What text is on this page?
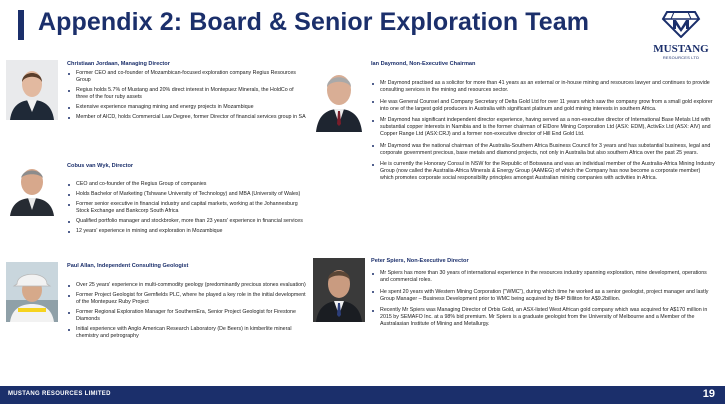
Appendix 2: Board & Senior Exploration Team
MUSTANG
RESOURCES LTD
Christiaan Jordaan, Managing Director
Former CEO and co-founder of Mozambican-focused exploration company Regius Resources Group
Regius holds 5.7% of Mustang and 20% direct interest in Montepuez Minerals, the HoldCo of three of the four ruby assets
Extensive experience managing mining and energy projects in Mozambique
Member of AICD, holds Commercial Law Degree, former Director of financial services group in SA
Cobus van Wyk, Director
CEO and co-founder of the Regius Group of companies
Holds Bachelor of Marketing (Tshwane University of Technology) and MBA (University of Wales)
Former senior executive in financial industry and capital markets, working at the Johannesburg Stock Exchange and Bankcorp South Africa
Qualified portfolio manager and stockbroker, more than 23 years' experience in financial services
12 years' experience in mining and exploration in Mozambique
Paul Allan, Independent Consulting Geologist
Over 25 years' experience in multi-commodity geology (predominantly precious stones evaluation)
Former Project Geologist for Gemfields PLC, where he played a key role in the initial development of the Montepuez Ruby Project
Former Regional Exploration Manager for SouthernEra, Senior Project Geologist for Firestone Diamonds
Initial experience with Anglo American Research Laboratory (De Beers) in kimberlite mineral chemistry and petrography
Ian Daymond, Non-Executive Chairman
Mr Daymond practised as a solicitor for more than 41 years as an external or in-house mining and resources lawyer and continues to provide consulting services in the mining and resources sector.
He was General Counsel and Company Secretary of Delta Gold Ltd for over 11 years which saw the company grow from a small gold explorer into one of the largest gold producers in Australia with significant platinum and gold mining interests in southern Africa.
Mr Daymond has significant independent director experience, having served as a non-executive director of International Base Metals Ltd with substantial copper interests in Namibia and is the former chairman of ElDore Mining Corporation Ltd (ASX: EDM), ActivEx Ltd (ASX: AIV) and Copper Range Ltd (ASX:CRJ) and a former non-executive director of Hill End Gold Ltd.
Mr Daymond was the national chairman of the Australia-Southern Africa Business Council for 3 years and has substantial business, legal and corporate government precious, base metals and diamond projects, not only in Australia but also southern Africa over the past 25 years.
He is currently the Honorary Consul in NSW for the Republic of Botswana and was an individual member of the Australia-Africa Mining Industry Group (now called the Australia-Africa Minerals & Energy Group (AAMEG) of which the Company has now become a corporate member) which promotes corporate social responsibility principles amongst Australian mining companies with activities in Africa.
Peter Spiers, Non-Executive Director
Mr Spiers has more than 30 years of international experience in the resources industry spanning exploration, mine development, operations and commercial roles.
He spent 20 years with Western Mining Corporation ("WMC"), during which time he worked as a senior geologist, project manager and lastly Group Manager – Business Development prior to WMC being acquired by BHP Billiton for A$9.2billion.
Recently Mr Spiers was Managing Director of Orbis Gold, an ASX-listed West African gold company which was acquired for A$170 million in 2015 by SEMAFO Inc. at a 98% bid premium. Mr Spiers is a graduate geologist from the University of Melbourne and a Member of the Australasian Institute of Mining and Metallurgy.
MUSTANG RESOURCES LIMITED	19
